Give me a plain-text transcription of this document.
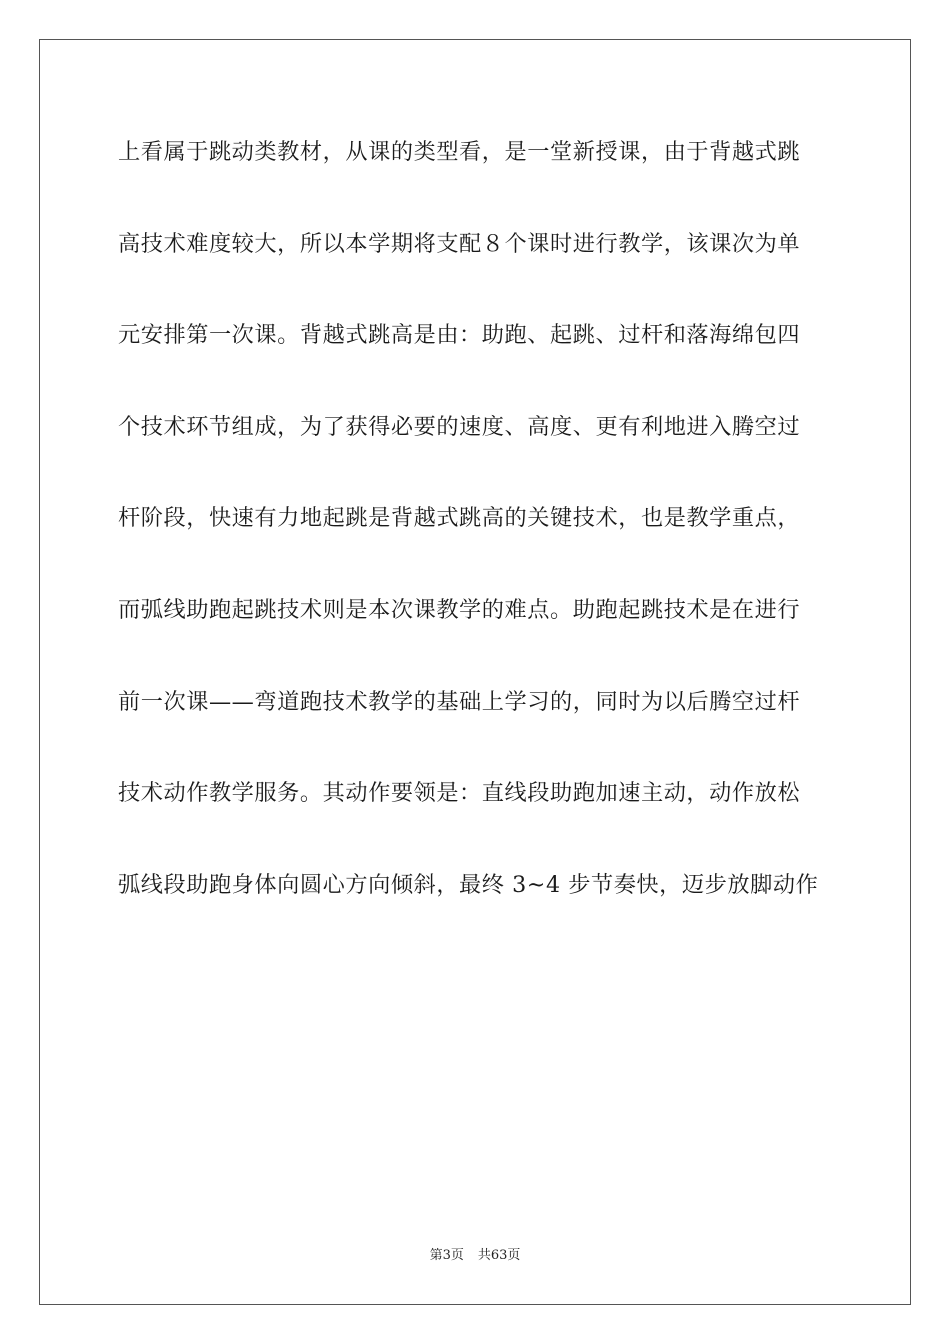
上看属于跳动类教材，从课的类型看，是一堂新授课，由于背越式跳
高技术难度较大，所以本学期将支配８个课时进行教学，该课次为单
元安排第一次课。背越式跳高是由：助跑、起跳、过杆和落海绵包四
个技术环节组成，为了获得必要的速度、高度、更有利地进入腾空过
杆阶段，快速有力地起跳是背越式跳高的关键技术，也是教学重点，
而弧线助跑起跳技术则是本次课教学的难点。助跑起跳技术是在进行
前一次课——弯道跑技术教学的基础上学习的，同时为以后腾空过杆
技术动作教学服务。其动作要领是：直线段助跑加速主动，动作放松
弧线段助跑身体向圆心方向倾斜，最终 3~4 步节奏快，迈步放脚动作
第3页 共63页
